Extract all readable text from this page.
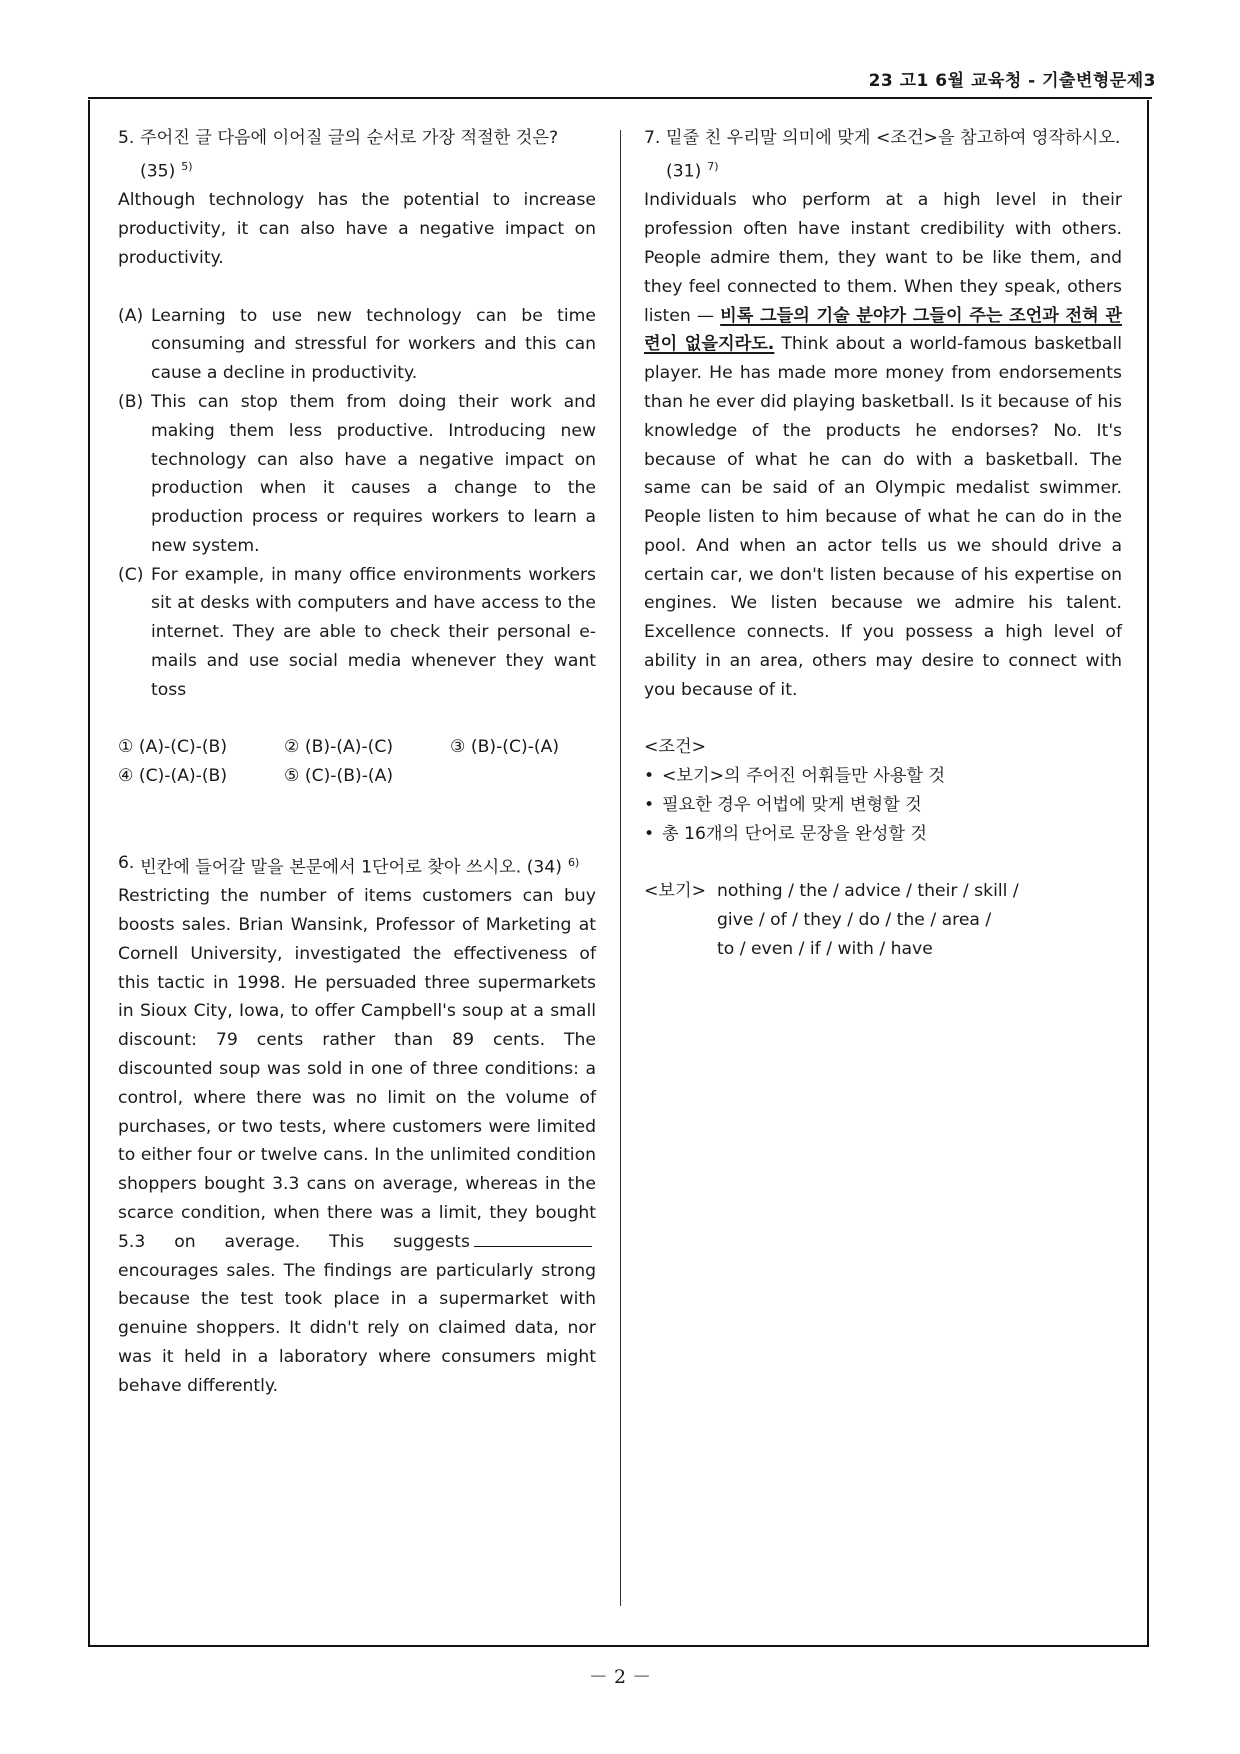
23 고1 6월 교육청 - 기출변형문제3
5. 주어진 글 다음에 이어질 글의 순서로 가장 적절한 것은? (35) $^{5)}$

Although technology has the potential to increase productivity, it can also have a negative impact on productivity.

(A) Learning to use new technology can be time consuming and stressful for workers and this can cause a decline in productivity.
(B) This can stop them from doing their work and making them less productive. Introducing new technology can also have a negative impact on production when it causes a change to the production process or requires workers to learn a new system.
(C) For example, in many office environments workers sit at desks with computers and have access to the internet. They are able to check their personal e-mails and use social media whenever they want toss
① (A)-(C)-(B)	② (B)-(A)-(C)	③ (B)-(C)-(A)
④ (C)-(A)-(B)	⑤ (C)-(B)-(A)
6. 빈칸에 들어갈 말을 본문에서 1단어로 찾아 쓰시오. (34) $^{6)}$

Restricting the number of items customers can buy boosts sales. Brian Wansink, Professor of Marketing at Cornell University, investigated the effectiveness of this tactic in 1998. He persuaded three supermarkets in Sioux City, Iowa, to offer Campbell's soup at a small discount: 79 cents rather than 89 cents. The discounted soup was sold in one of three conditions: a control, where there was no limit on the volume of purchases, or two tests, where customers were limited to either four or twelve cans. In the unlimited condition shoppers bought 3.3 cans on average, whereas in the scarce condition, when there was a limit, they bought 5.3 on average. This suggestsencourages sales. The findings are particularly strong because the test took place in a supermarket with genuine shoppers. It didn't rely on claimed data, nor was it held in a laboratory where consumers might behave differently.

7. 밑줄 친 우리말 의미에 맞게 <조건>을 참고하여 영작하시오. (31) $^{7)}$

Individuals who perform at a high level in their profession often have instant credibility with others. People admire them, they want to be like them, and they feel connected to them. When they speak, others listen — 비록 그들의 기술 분야가 그들이 주는 조언과 전혀 관련이 없을지라도. Think about a world-famous basketball player. He has made more money from endorsements than he ever did playing basketball. Is it because of his knowledge of the products he endorses? No. It's because of what he can do with a basketball. The same can be said of an Olympic medalist swimmer. People listen to him because of what he can do in the pool. And when an actor tells us we should drive a certain car, we don't listen because of his expertise on engines. We listen because we admire his talent. Excellence connects. If you possess a high level of ability in an area, others may desire to connect with you because of it.

<조건>
• <보기>의 주어진 어휘들만 사용할 것
• 필요한 경우 어법에 맞게 변형할 것
• 총 16개의 단어로 문장을 완성할 것
<보기> nothing / the / advice / their / skill /
give / of / they / do / the / area /
to / even / if / with / have
－ 2 －
